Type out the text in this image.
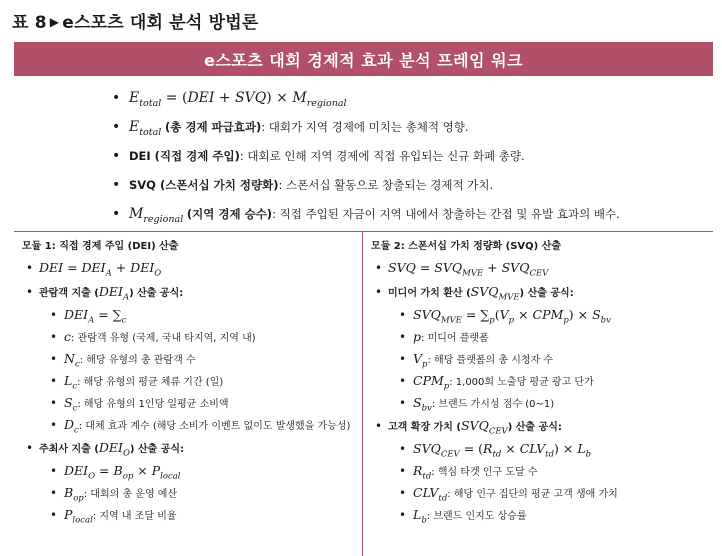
표 8 ▶ e스포츠 대회 분석 방법론
e스포츠 대회 경제적 효과 분석 프레임 워크
• $E_{total} = (DEI + SVQ) \times M_{regional}$
• $E_{total}$ (총 경제 파급효과): 대회가 지역 경제에 미치는 총체적 영향.
• DEI (직접 경제 주입): 대회로 인해 지역 경제에 직접 유입되는 신규 화폐 총량.
• SVQ (스폰서십 가치 정량화): 스폰서십 활동으로 창출되는 경제적 가치.
• $M_{regional}$ (지역 경제 승수): 직접 주입된 자금이 지역 내에서 창출하는 간접 및 유발 효과의 배수.
모듈 1: 직접 경제 주입 (DEI) 산출
• DEI = $DEI_A + DEI_O$
• 관람객 지출 $(DEI_A)$ 산출 공식:
• $DEI_A = \sum_c$
• c: 관람객 유형 (국제, 국내 타지역, 지역 내)
• $N_c$: 해당 유형의 총 관람객 수
• $L_c$: 해당 유형의 평균 체류 기간 (일)
• $S_c$: 해당 유형의 1인당 일평균 소비액
• $D_c$: 대체 효과 계수 (해당 소비가 이벤트 없이도 발생했을 가능성)
• 주최사 지출 $(DEI_O)$ 산출 공식:
• $DEI_O = B_{op} \times P_{local}$
• $B_{op}$: 대회의 총 운영 예산
• $P_{local}$: 지역 내 조달 비율
모듈 2: 스폰서십 가치 정량화 (SVQ) 산출
• SVQ = $SVQ_{MVE} + SVQ_{CEV}$
• 미디어 가치 환산 $(SVQ_{MVE})$ 산출 공식:
• $SVQ_{MVE} = \sum_p(V_p \times CPM_p) \times S_{bv}$
• p: 미디어 플랫폼
• $V_p$: 해당 플랫폼의 총 시청자 수
• $CPM_p$: 1,000회 노출당 평균 광고 단가
• $S_{bv}$: 브랜드 가시성 점수 (0~1)
• 고객 확장 가치 $(SVQ_{CEV})$ 산출 공식:
• $SVQ_{CEV} = (R_{td} \times CLV_{td}) \times L_b$
• $R_{td}$: 핵심 타겟 인구 도달 수
• $CLV_{td}$: 해당 인구 집단의 평균 고객 생애 가치
• $L_b$: 브랜드 인지도 상승률
